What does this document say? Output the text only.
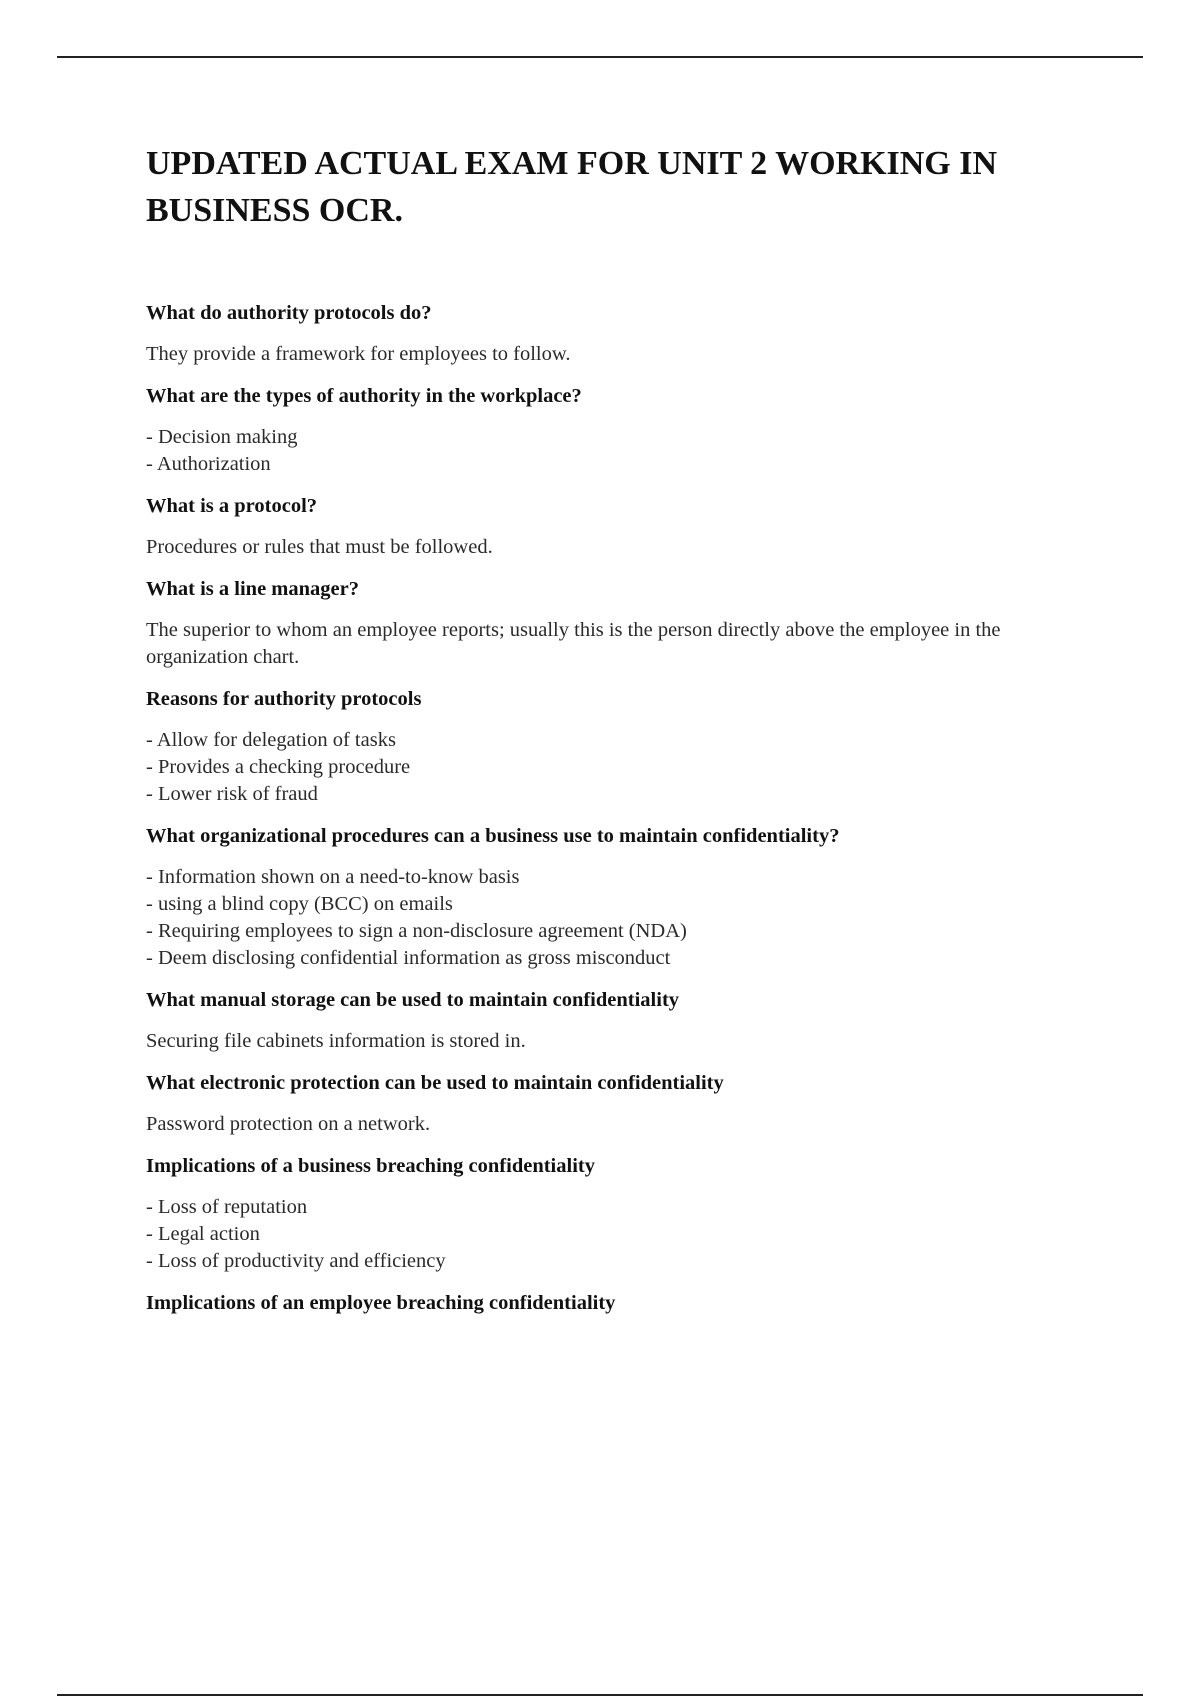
UPDATED ACTUAL EXAM FOR UNIT 2 WORKING IN BUSINESS OCR.
What do authority protocols do?
They provide a framework for employees to follow.
What are the types of authority in the workplace?
- Decision making
- Authorization
What is a protocol?
Procedures or rules that must be followed.
What is a line manager?
The superior to whom an employee reports; usually this is the person directly above the employee in the organization chart.
Reasons for authority protocols
- Allow for delegation of tasks
- Provides a checking procedure
- Lower risk of fraud
What organizational procedures can a business use to maintain confidentiality?
- Information shown on a need-to-know basis
- using a blind copy (BCC) on emails
- Requiring employees to sign a non-disclosure agreement (NDA)
- Deem disclosing confidential information as gross misconduct
What manual storage can be used to maintain confidentiality
Securing file cabinets information is stored in.
What electronic protection can be used to maintain confidentiality
Password protection on a network.
Implications of a business breaching confidentiality
- Loss of reputation
- Legal action
- Loss of productivity and efficiency
Implications of an employee breaching confidentiality
